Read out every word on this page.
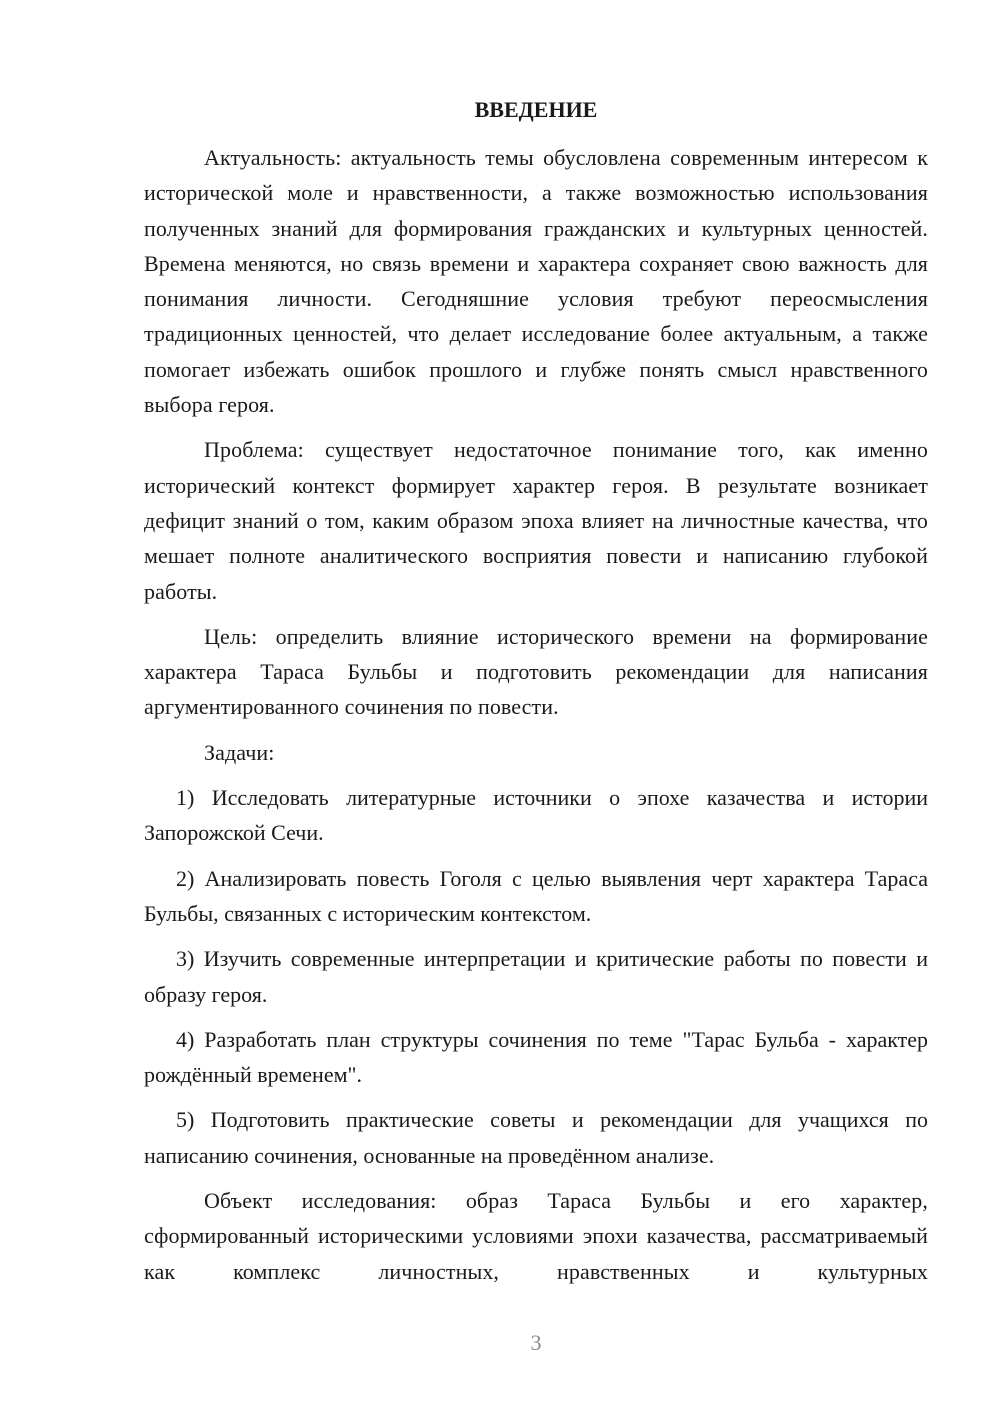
ВВЕДЕНИЕ

Актуальность: актуальность темы обусловлена современным интересом к исторической моле и нравственности, а также возможностью использования полученных знаний для формирования гражданских и культурных ценностей. Времена меняются, но связь времени и характера сохраняет свою важность для понимания личности. Сегодняшние условия требуют переосмысления традиционных ценностей, что делает исследование более актуальным, а также помогает избежать ошибок прошлого и глубже понять смысл нравственного выбора героя.

Проблема: существует недостаточное понимание того, как именно исторический контекст формирует характер героя. В результате возникает дефицит знаний о том, каким образом эпоха влияет на личностные качества, что мешает полноте аналитического восприятия повести и написанию глубокой работы.

Цель: определить влияние исторического времени на формирование характера Тараса Бульбы и подготовить рекомендации для написания аргументированного сочинения по повести.

Задачи:

1) Исследовать литературные источники о эпохе казачества и истории Запорожской Сечи.

2) Анализировать повесть Гоголя с целью выявления черт характера Тараса Бульбы, связанных с историческим контекстом.

3) Изучить современные интерпретации и критические работы по повести и образу героя.

4) Разработать план структуры сочинения по теме "Тарас Бульба - характер рождённый временем".

5) Подготовить практические советы и рекомендации для учащихся по написанию сочинения, основанные на проведённом анализе.

Объект исследования: образ Тараса Бульбы и его характер, сформированный историческими условиями эпохи казачества, рассматриваемый как комплекс личностных, нравственных и культурных

3
